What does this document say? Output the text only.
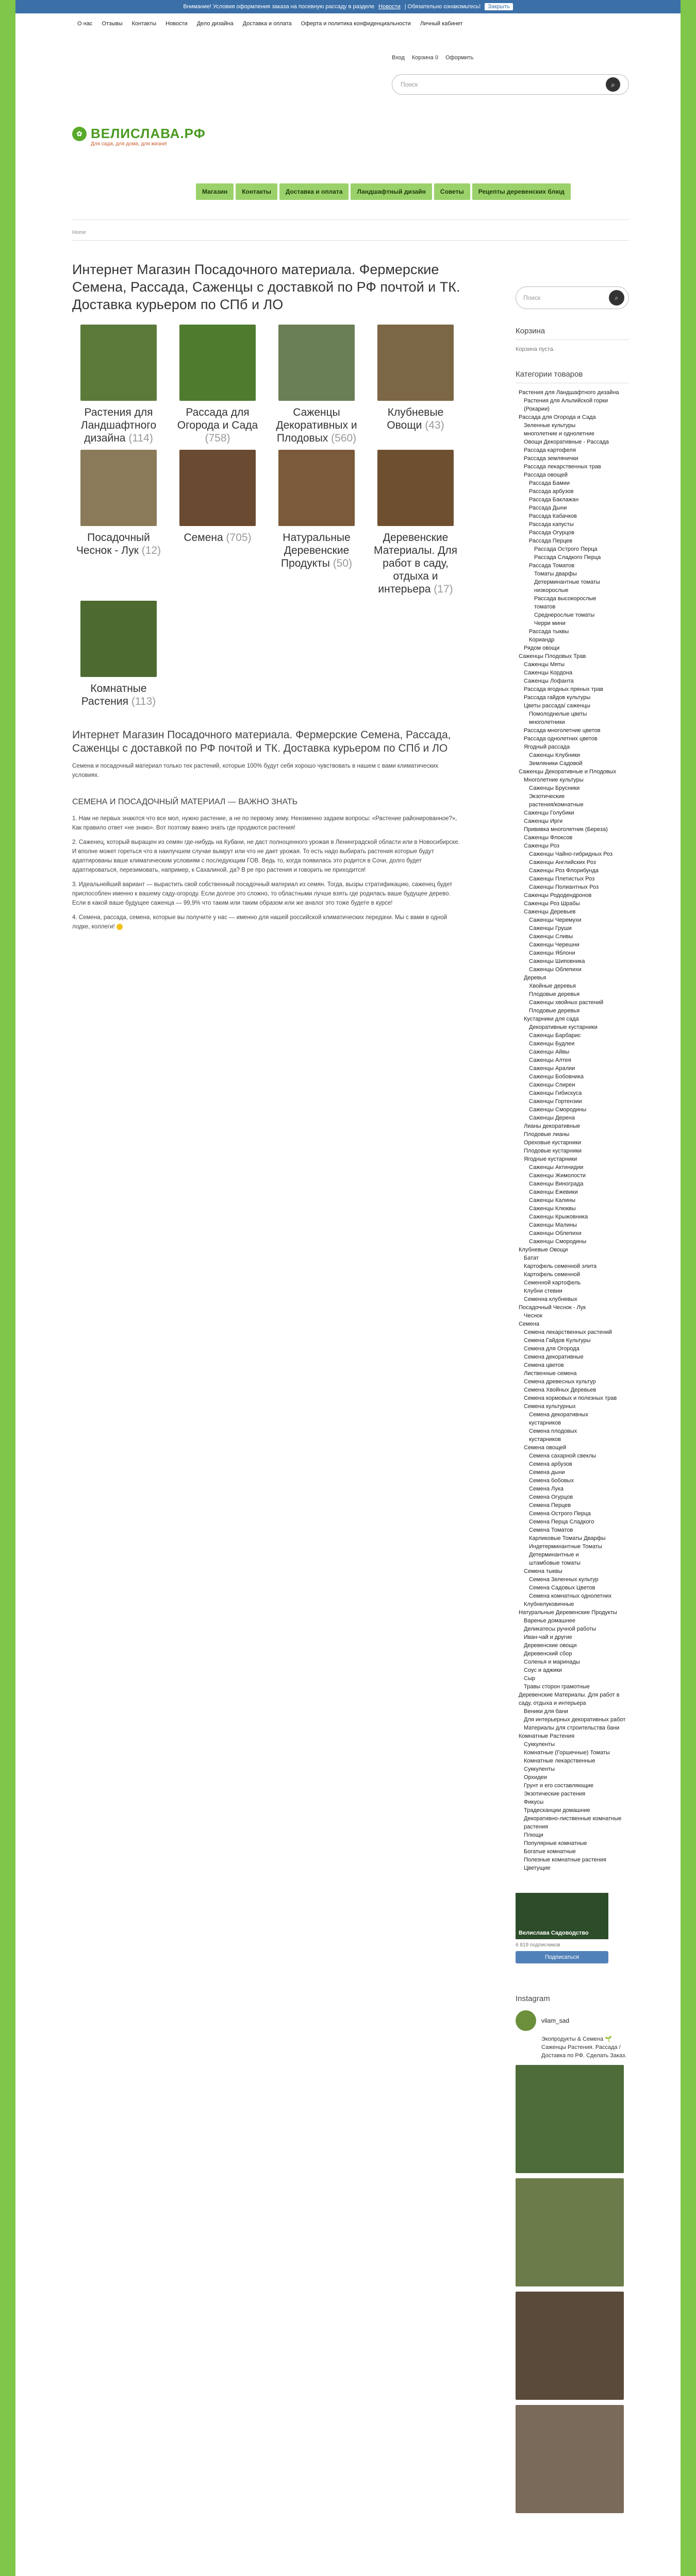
Внимание! Условия оформления заказа на посевную рассаду в разделе Новости | Обязательно ознакомьтесь!	Закрыть
О нас Отзывы Контакты Новости Дело дизайна Доставка и оплата Оферта и политика конфиденциальности Личный кабинет
Вход Корзина 0 Оформить
Поиск	⌕
✿ ВЕЛИСЛАВА.РФ
Для сада, для дома, для жизни!
Магазин	Контакты	Доставка и оплата	Ландшафтный дизайн	Советы	Рецепты деревенских блюд
Home
Интернет Магазин Посадочного материала. Фермерские Семена, Рассада, Саженцы с доставкой по РФ почтой и ТК. Доставка курьером по СПб и ЛО
Растения для Ландшафтного дизайна (114)
Рассада для Огорода и Сада (758)
Саженцы Декоративных и Плодовых (560)
Клубневые Овощи (43)
Посадочный Чеснок - Лук (12)
Семена (705)	Натуральные Деревенские Продукты (50)
Деревенские Материалы. Для работ в саду, отдыха и интерьера (17)
Комнатные Растения (113)
Интернет Магазин Посадочного материала. Фермерские Семена, Рассада, Саженцы с доставкой по РФ почтой и ТК. Доставка курьером по СПб и ЛО

Семена и посадочный материал только тех растений, которые 100% будут себя хорошо чувствовать в нашем с вами климатических условиях.

СЕМЕНА И ПОСАДОЧНЫЙ МАТЕРИАЛ — ВАЖНО ЗНАТЬ

1. Нам не первых знаются что все мол, нужно растение, а не по первому зему. Неизменно задаем вопросы: «Растение районированное?», Как правило ответ «не знаю». Вот поэтому важно знать где продаются растения!

2. Саженец, который выращен из семян где-нибудь на Кубани, не даст полноценного урожая в Ленинградской области или в Новосибирске. И вполне может гореться что в наилучшем случае вымрут или что не дает урожая. То есть надо выбирать растения которые будут адаптированы ваше климатическим условиям с последующим ГОВ. Ведь то, когда появилась это родится в Сочи, долго будет адаптироваться, перезимовать, например, к Сахалиной, да? В ре про растения и говорить не приходится!

3. Идеальнейший вариант — вырастить свой собственный посадочный материал из семян. Тогда, вызры стратификацию, саженец будет приспособлен именно к вашему саду-огороду. Если долгое это сложно, то областными лучше взять где родилась ваше будущее дерево. Если в какой ваше будущее саженца — 99,9% что таким или таким образом или же аналог это тоже будете в курсе!

4. Семена, рассада, семена, которые вы получите у нас — именно для нашей российской климатических передачи. Мы с вами в одной лодке, коллеги!

Поиск	⌕
Корзина
Корзина пуста.
Категории товаров
Растения для Ландшафтного дизайна
Растения для Альпийской горки (Рокарии)
Рассада для Огорода и Сада
Зеленные культуры
многолетние и однолетние
Овощи Декоративные - Рассада
Рассада картофеля
Рассада землянички
Рассада лекарственных трав
Рассада овощей
Рассада Бамии
Рассада арбузов
Рассада Баклажан
Рассада Дыни
Рассада Кабачков
Рассада капусты
Рассада Огурцов
Рассада Перцев
Рассада Острого Перца
Рассада Сладкого Перца
Рассада Томатов
Томаты дварфы
Детерминантные томаты
низкорослые
Рассада высокорослые
томатов
Среднерослые томаты
Черри мини
Рассада тыквы
Кориандр
Рядом овощи
Саженцы Плодовых Трав
Саженцы Мяты
Саженцы Кордона
Саженцы Лофанта
Рассада ягодных пряных трав
Рассада гайдов культуры
Цветы рассада/ саженцы
Помолоднелые цветы
многолетники
Рассада многолетние цветов
Рассада однолетних цветов
Ягодный рассада
Саженцы Клубники
Земляники Садовой
Саженцы Декоративные и Плодовых
Многолетние культуры
Саженцы Брусники
Экзотические
растения/комнатные
Саженцы Голубики
Саженцы Ирги
Прививка многолетник (Береза)
Саженцы Флоксов
Саженцы Роз
Саженцы Чайно-гибридных Роз
Саженцы Английских Роз
Саженцы Роз Флорибунда
Саженцы Плетистых Роз
Саженцы Полиантных Роз
Саженцы Рододендронов
Саженцы Роз Шрабы
Саженцы Деревьев
Саженцы Черемухи
Саженцы Груши
Саженцы Сливы
Саженцы Черешни
Саженцы Яблони
Саженцы Шиповника
Саженцы Облепихи
Деревья
Хвойные деревья
Плодовые деревья
Саженцы хвойных растений
Плодовые деревья
Кустарники для сада
Декоративные кустарники
Саженцы Барбарис
Саженцы Будлеи
Саженцы Айвы
Саженцы Алтея
Саженцы Аралии
Саженцы Бобовника
Саженцы Спиреи
Саженцы Гибискуса
Саженцы Гортензии
Саженцы Смородины
Саженцы Дерена
Лианы декоративные
Плодовые лианы
Ореховые кустарники
Плодовые кустарники
Ягодные кустарники
Саженцы Актинидии
Саженцы Жимолости
Саженцы Винограда
Саженцы Ежевики
Саженцы Калины
Саженцы Клюквы
Саженцы Крыжовника
Саженцы Малины
Саженцы Облепихи
Саженцы Смородины
Клубневые Овощи
Батат
Картофель семенной элита
Картофель семенной
Семенной картофель
Клубни стевии
Семенна клубневых
Посадочный Чеснок - Лук
Чеснок
Семена
Семена лекарственных растений
Семена Гайдов Культуры
Семена для Огорода
Семена декоративные
Семена цветов
Лиственные семена
Семена древесных культур
Семена Хвойных Деревьев
Семена кормовых и полезных трав
Семена культурных
Семена декоративных
кустарников
Семена плодовых
кустарников
Семена овощей
Семена сахарной свеклы
Семена арбузов
Семена дыни
Семена бобовых
Семена Лука
Семена Огурцов
Семена Перцев
Семена Острого Перца
Семена Перца Сладкого
Семена Томатов
Карликовые Томаты Дварфы
Индетерминантные Томаты
Детерминантные и
штамбовые томаты
Семена тыквы
Семена Зеленных культур
Семена Садовых Цветов
Семена комнатных однолетних
Клубнелуковичные
Натуральные Деревенские Продукты
Варенье домашнее
Деликатесы ручной работы
Иван-чай и другие
Деревенские овощи
Деревенский сбор
Соленья и маринады
Соус и аджики
Сыр
Травы сторон грамотные
Деревенские Материалы. Для работ в саду, отдыха и интерьера
Веники для бани
Для интерьерных декоративных работ
Материалы для строительства бани
Комнатные Растения
Суккуленты
Комнатные (Горшечные) Томаты
Комнатные лекарственные
Суккуленты
Орхидеи
Грунт и его составляющие
Экзотические растения
Фикусы
Традесканции домашние
Декоративно-лиственные комнатные растения
Плющи
Популярные комнатные
Богатые комнатные
Полезные комнатные растения
Цветущие
Велислава Садоводство
6 819 подписчиков
Подписаться
Instagram
vilam_sad
Экопродукты & Семена 🌱 Саженцы Растения. Рассада / Доставка по РФ. Сделать Заказ.
